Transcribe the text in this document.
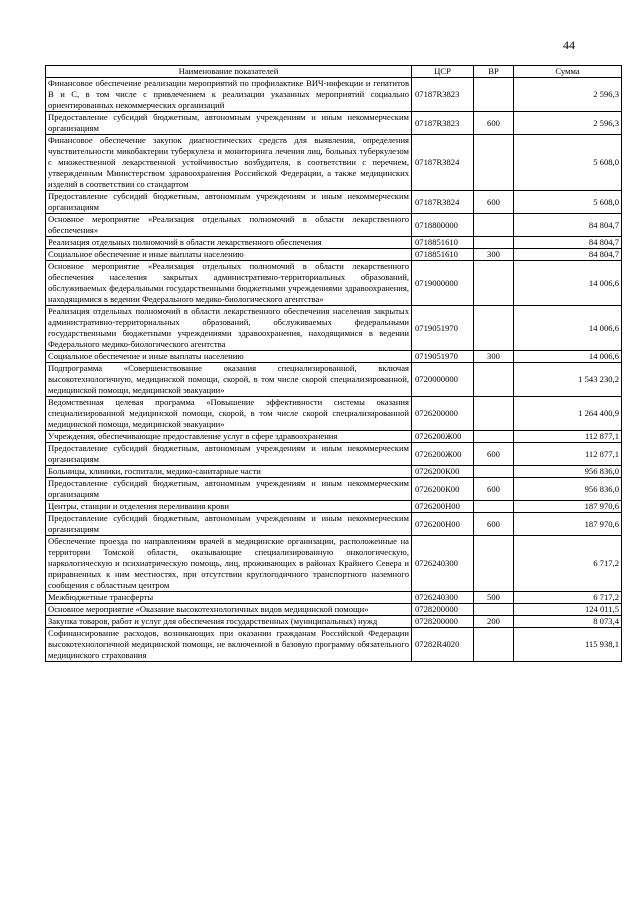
44
Наименование показателей	ЦСР	ВР	Сумма
Финансовое обеспечение реализации мероприятий по профилактике ВИЧ-инфекции и гепатитов В и С, в том числе с привлечением к реализации указанных мероприятий социально ориентированных некоммерческих организаций	07187R3823		2 596,3
Предоставление субсидий бюджетным, автономным учреждениям и иным некоммерческим организациям	07187R3823	600	2 596,3
Финансовое обеспечение закупок диагностических средств для выявления, определения чувствительности микобактерии туберкулеза и мониторинга лечения лиц, больных туберкулезом с множественной лекарственной устойчивостью возбудителя, в соответствии с перечнем, утвержденным Министерством здравоохранения Российской Федерации, а также медицинских изделий в соответствии со стандартом	07187R3824		5 608,0
Предоставление субсидий бюджетным, автономным учреждениям и иным некоммерческим организациям	07187R3824	600	5 608,0
Основное мероприятие «Реализация отдельных полномочий в области лекарственного обеспечения»	0718800000		84 804,7
Реализация отдельных полномочий в области лекарственного обеспечения	0718851610		84 804,7
Социальное обеспечение и иные выплаты населению	0718851610	300	84 804,7
Основное мероприятие «Реализация отдельных полномочий в области лекарственного обеспечения населения закрытых административно-территориальных образований, обслуживаемых федеральными государственными бюджетными учреждениями здравоохранения, находящимися в ведении Федерального медико-биологического агентства»	0719000000		14 006,6
Реализация отдельных полномочий в области лекарственного обеспечения населения закрытых административно-территориальных образований, обслуживаемых федеральными государственными бюджетными учреждениями здравоохранения, находящимися в ведении Федерального медико-биологического агентства	0719051970		14 006,6
Социальное обеспечение и иные выплаты населению	0719051970	300	14 006,6
Подпрограмма «Совершенствование оказания специализированной, включая высокотехнологичную, медицинской помощи, скорой, в том числе скорой специализированной, медицинской помощи, медицинской эвакуации»	0720000000		1 543 230,2
Ведомственная целевая программа «Повышение эффективности системы оказания специализированной медицинской помощи, скорой, в том числе скорой специализированной медицинской помощи, медицинской эвакуации»	0726200000		1 264 400,9
Учреждения, обеспечивающие предоставление услуг в сфере здравоохранения	0726200Ж00		112 877,1
Предоставление субсидий бюджетным, автономным учреждениям и иным некоммерческим организациям	0726200Ж00	600	112 877,1
Больницы, клиники, госпитали, медико-санитарные части	0726200К00		956 836,0
Предоставление субсидий бюджетным, автономным учреждениям и иным некоммерческим организациям	0726200К00	600	956 836,0
Центры, станции и отделения переливания крови	0726200Н00		187 970,6
Предоставление субсидий бюджетным, автономным учреждениям и иным некоммерческим организациям	0726200Н00	600	187 970,6
Обеспечение проезда по направлениям врачей в медицинские организации, расположенные на территории Томской области, оказывающие специализированную онкологическую, наркологическую и психиатрическую помощь, лиц, проживающих в районах Крайнего Севера и приравненных к ним местностях, при отсутствии круглогодичного транспортного наземного сообщения с областным центром	0726240300		6 717,2
Межбюджетные трансферты	0726240300	500	6 717,2
Основное мероприятие «Оказание высокотехнологичных видов медицинской помощи»	0728200000		124 011,5
Закупка товаров, работ и услуг для обеспечения государственных (муниципальных) нужд	0728200000	200	8 073,4
Софинансирование расходов, возникающих при оказании гражданам Российской Федерации высокотехнологичной медицинской помощи, не включенной в базовую программу обязательного медицинского страхования	07282R4020		115 938,1
